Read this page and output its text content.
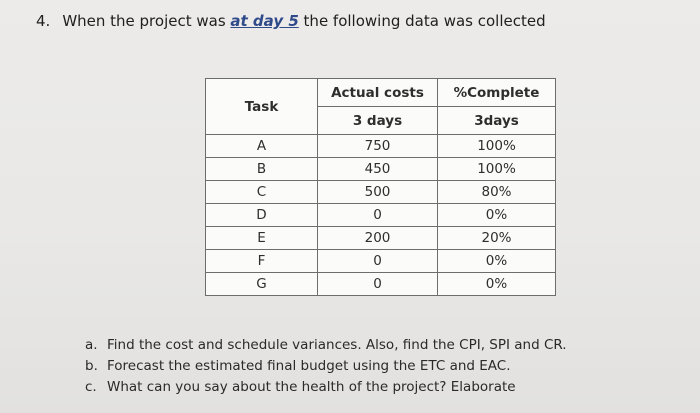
4. When the project was at day 5 the following data was collected
Task	Actual costs	%Complete
	3 days	3days
A	750	100%
B	450	100%
C	500	80%
D	0	0%
E	200	20%
F	0	0%
G	0	0%
a. Find the cost and schedule variances. Also, find the CPI, SPI and CR.
b. Forecast the estimated final budget using the ETC and EAC.
c. What can you say about the health of the project? Elaborate
